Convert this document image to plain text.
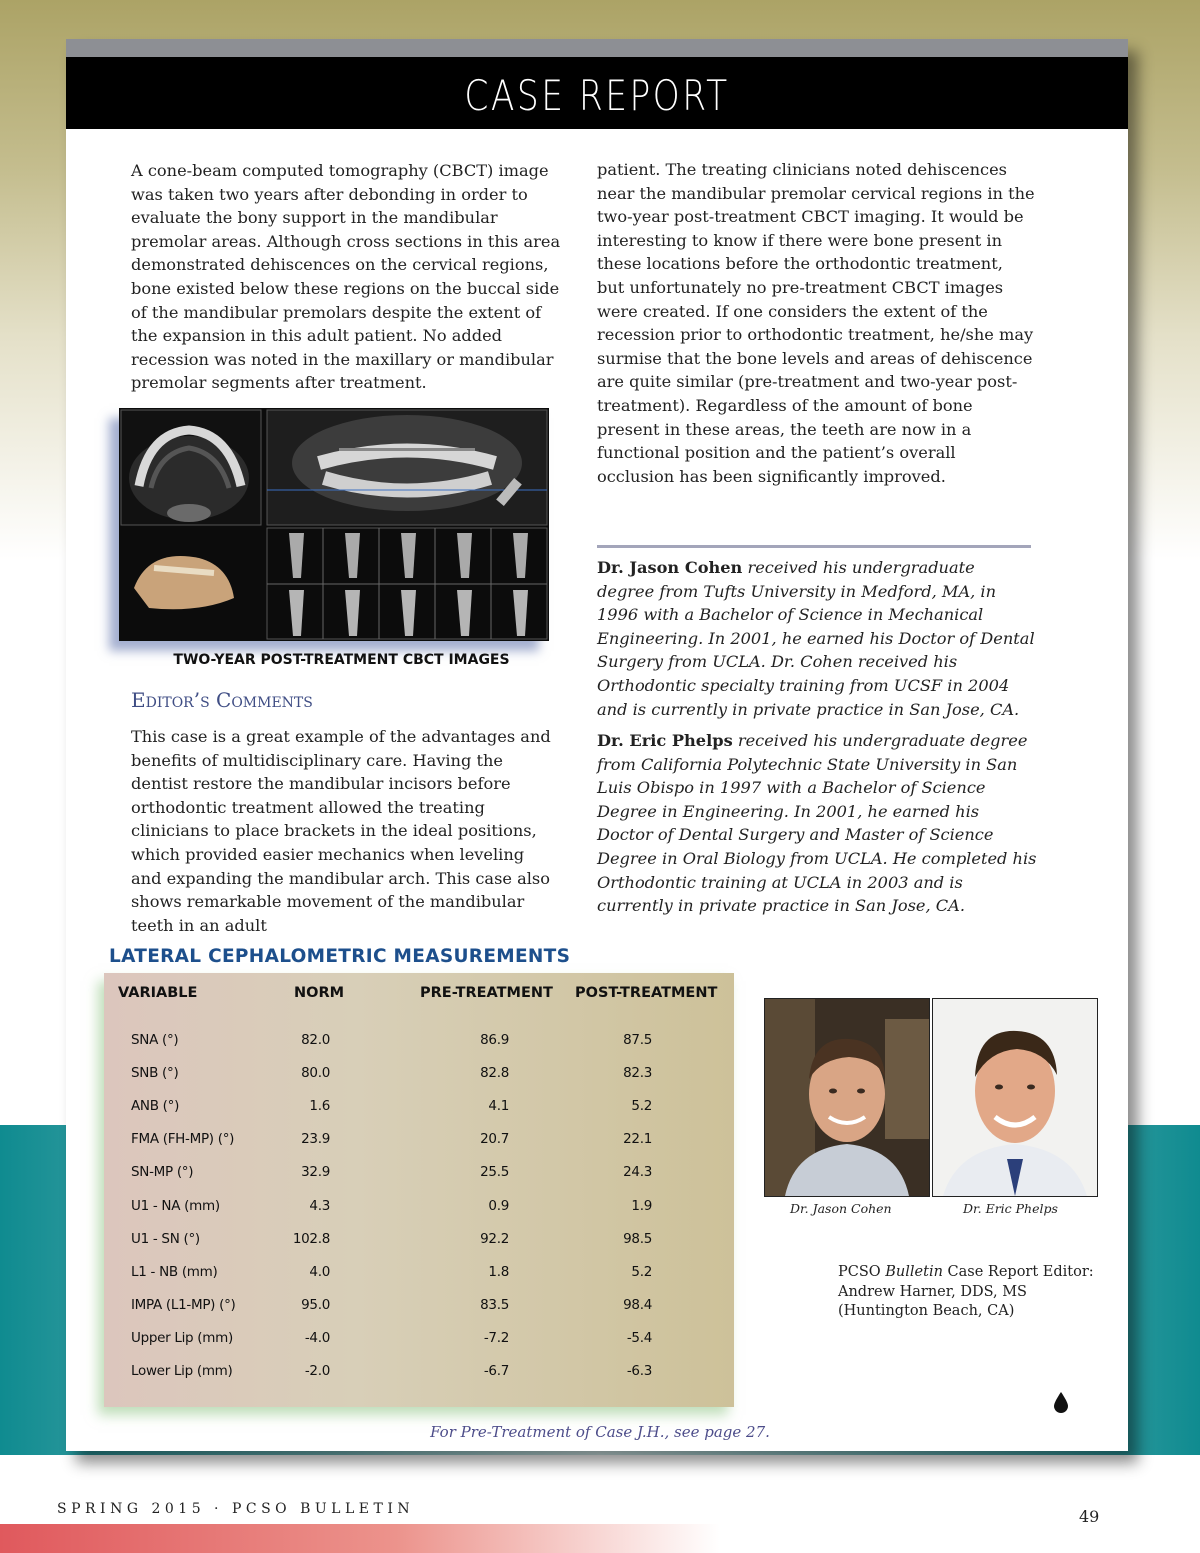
CASE REPORT
A cone-beam computed tomography (CBCT) image was taken two years after debonding in order to evaluate the bony support in the mandibular premolar areas. Although cross sections in this area demonstrated dehiscences on the cervical regions, bone existed below these regions on the buccal side of the mandibular premolars despite the extent of the expansion in this adult patient. No added recession was noted in the maxillary or mandibular premolar segments after treatment.
TWO-YEAR POST-TREATMENT CBCT IMAGES
Editor’s Comments
This case is a great example of the advantages and benefits of multidisciplinary care. Having the dentist restore the mandibular incisors before orthodontic treatment allowed the treating clinicians to place brackets in the ideal positions, which provided easier mechanics when leveling and expanding the mandibular arch. This case also shows remarkable movement of the mandibular teeth in an adult
patient. The treating clinicians noted dehiscences near the mandibular premolar cervical regions in the two-year post-treatment CBCT imaging. It would be interesting to know if there were bone present in these locations before the orthodontic treatment, but unfortunately no pre-treatment CBCT images were created. If one considers the extent of the recession prior to orthodontic treatment, he/she may surmise that the bone levels and areas of dehiscence are quite similar (pre-treatment and two-year post-treatment). Regardless of the amount of bone present in these areas, the teeth are now in a functional position and the patient’s overall occlusion has been significantly improved.
Dr. Jason Cohen received his undergraduate degree from Tufts University in Medford, MA, in 1996 with a Bachelor of Science in Mechanical Engineering. In 2001, he earned his Doctor of Dental Surgery from UCLA. Dr. Cohen received his Orthodontic specialty training from UCSF in 2004 and is currently in private practice in San Jose, CA.
Dr. Eric Phelps received his undergraduate degree from California Polytechnic State University in San Luis Obispo in 1997 with a Bachelor of Science Degree in Engineering. In 2001, he earned his Doctor of Dental Surgery and Master of Science Degree in Oral Biology from UCLA. He completed his Orthodontic training at UCLA in 2003 and is currently in private practice in San Jose, CA.
LATERAL CEPHALOMETRIC MEASUREMENTS
VARIABLE	NORM	PRE-TREATMENT POST-TREATMENT
SNA (°)	82.0	86.9	87.5
SNB (°)	80.0	82.8	82.3
ANB (°)	1.6	4.1	5.2
FMA (FH-MP) (°)	23.9	20.7	22.1
SN-MP (°)	32.9	25.5	24.3
U1 - NA (mm)	4.3	0.9	1.9
U1 - SN (°)	102.8	92.2	98.5
L1 - NB (mm)	4.0	1.8	5.2
IMPA (L1-MP) (°)	95.0	83.5	98.4
Upper Lip (mm)	-4.0	-7.2	-5.4
Lower Lip (mm)	-2.0	-6.7	-6.3
Dr. Jason Cohen	Dr. Eric Phelps
PCSO Bulletin Case Report Editor:
Andrew Harner, DDS, MS
(Huntington Beach, CA)
For Pre-Treatment of Case J.H., see page 27.
SPRING 2015 · PCSO BULLETIN	49
